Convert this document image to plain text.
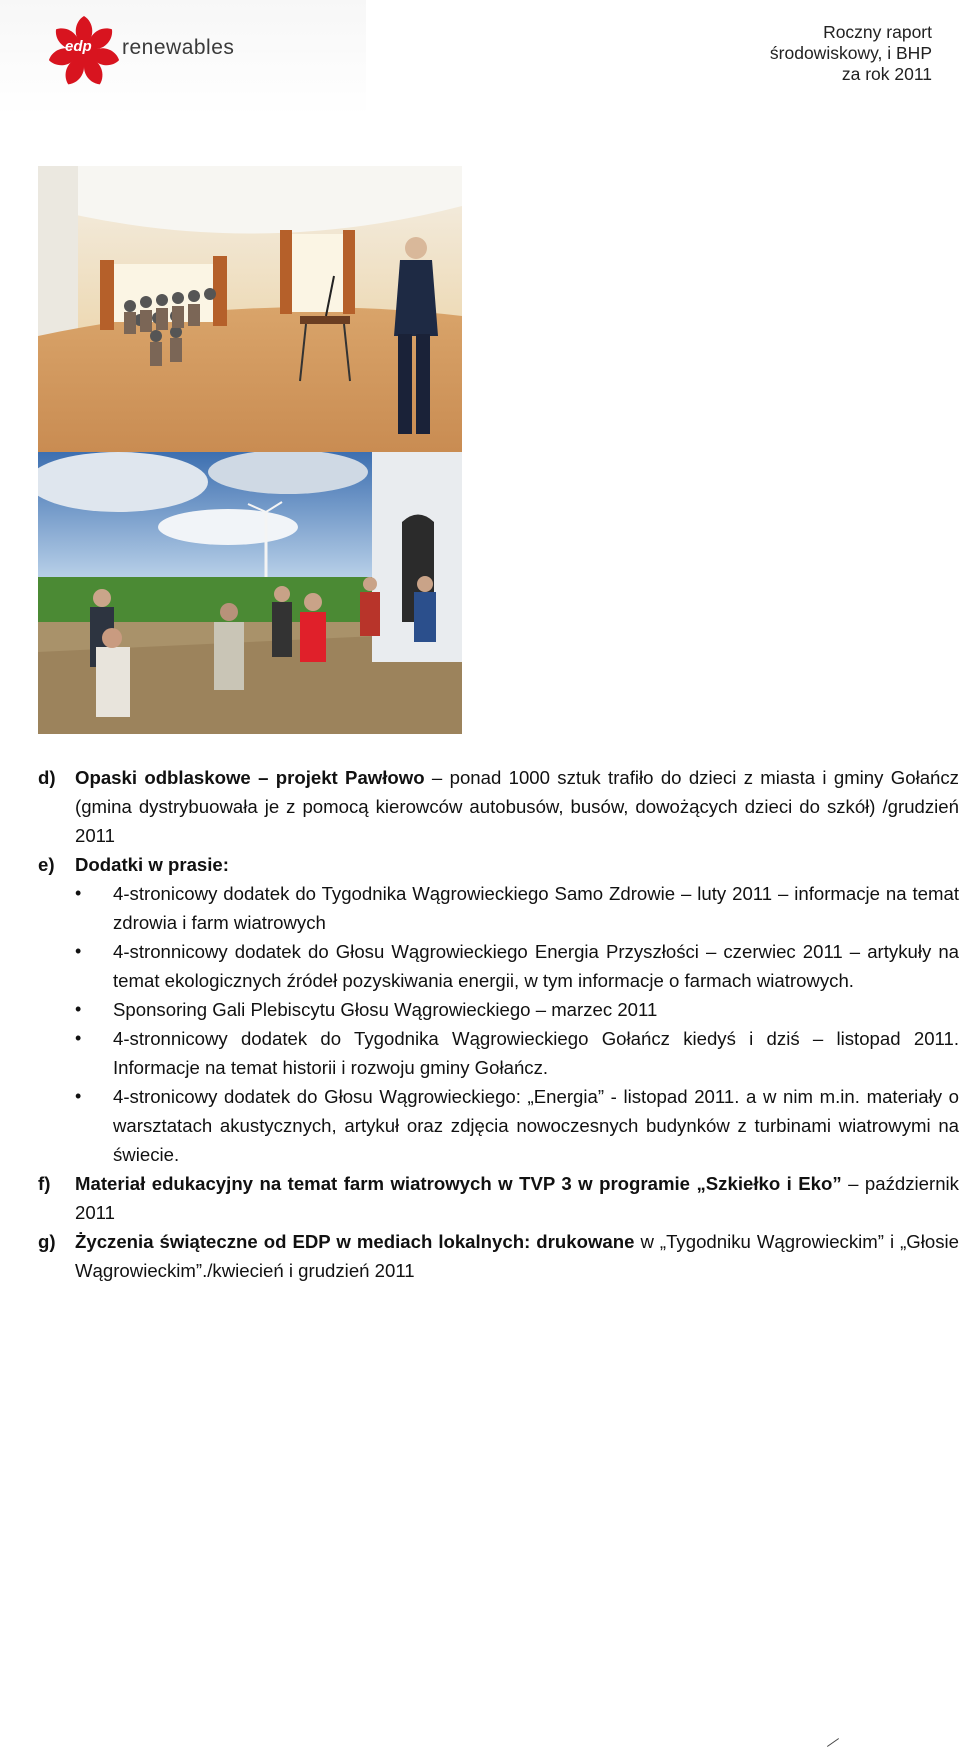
edp renewables
Roczny raport
środowiskowy, i BHP
za rok 2011
d) Opaski odblaskowe – projekt Pawłowo – ponad 1000 sztuk trafiło do dzieci z miasta i gminy Gołańcz (gmina dystrybuowała je z pomocą kierowców autobusów, busów, dowożących dzieci do szkół) /grudzień 2011
e) Dodatki w prasie:
• 4-stronicowy dodatek do Tygodnika Wągrowieckiego Samo Zdrowie – luty 2011 – informacje na temat zdrowia i farm wiatrowych
• 4-stronnicowy dodatek do Głosu Wągrowieckiego Energia Przyszłości – czerwiec 2011 – artykuły na temat ekologicznych źródeł pozyskiwania energii, w tym informacje o farmach wiatrowych.
• Sponsoring Gali Plebiscytu Głosu Wągrowieckiego – marzec 2011
• 4-stronnicowy dodatek do Tygodnika Wągrowieckiego Gołańcz kiedyś i dziś – listopad 2011. Informacje na temat historii i rozwoju gminy Gołańcz.
• 4-stronicowy dodatek do Głosu Wągrowieckiego: „Energia” - listopad 2011. a w nim m.in. materiały o warsztatach akustycznych, artykuł oraz zdjęcia nowoczesnych budynków z turbinami wiatrowymi na świecie.
f) Materiał edukacyjny na temat farm wiatrowych w TVP 3 w programie „Szkiełko i Eko” – październik 2011
g) Życzenia świąteczne od EDP w mediach lokalnych: drukowane w „Tygodniku Wągrowieckim” i „Głosie Wągrowieckim”./kwiecień i grudzień 2011
